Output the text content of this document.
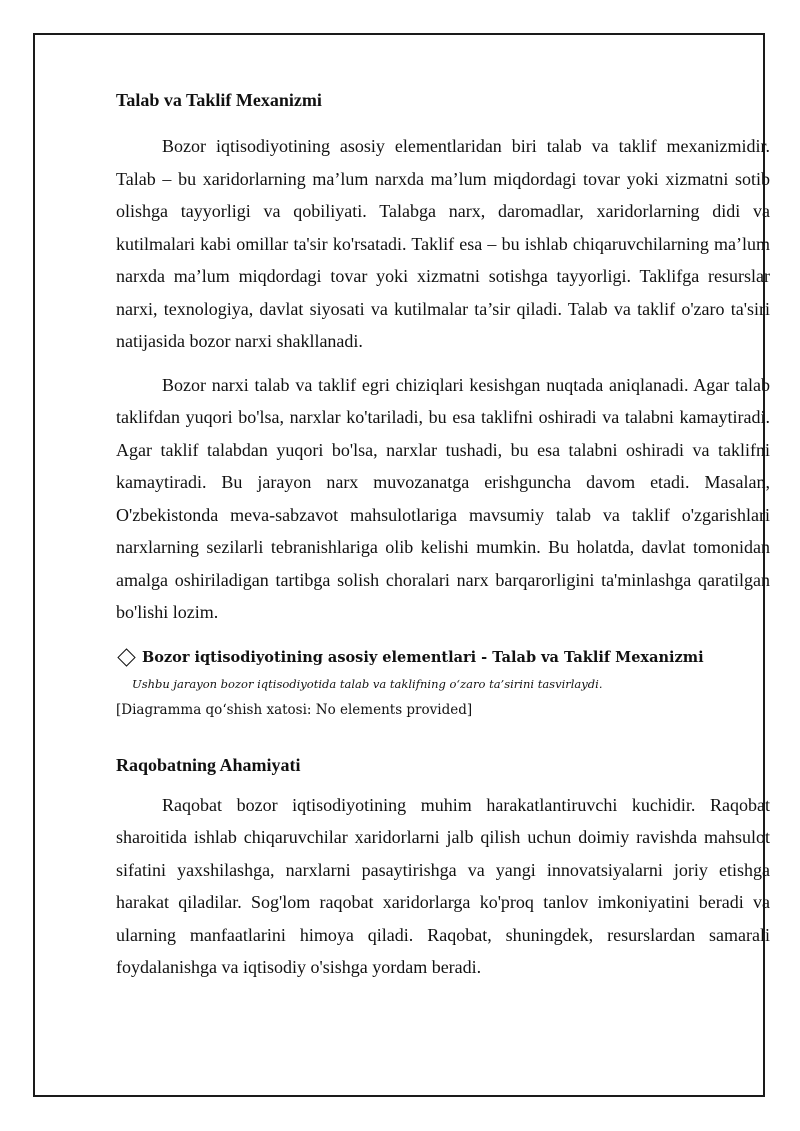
Talab va Taklif Mexanizmi

Bozor iqtisodiyotining asosiy elementlaridan biri talab va taklif mexanizmidir. Talab – bu xaridorlarning ma’lum narxda ma’lum miqdordagi tovar yoki xizmatni sotib olishga tayyorligi va qobiliyati. Talabga narx, daromadlar, xaridorlarning didi va kutilmalari kabi omillar ta'sir ko'rsatadi. Taklif esa – bu ishlab chiqaruvchilarning ma’lum narxda ma’lum miqdordagi tovar yoki xizmatni sotishga tayyorligi. Taklifga resurslar narxi, texnologiya, davlat siyosati va kutilmalar ta’sir qiladi. Talab va taklif o'zaro ta'siri natijasida bozor narxi shakllanadi.

Bozor narxi talab va taklif egri chiziqlari kesishgan nuqtada aniqlanadi. Agar talab taklifdan yuqori bo'lsa, narxlar ko'tariladi, bu esa taklifni oshiradi va talabni kamaytiradi. Agar taklif talabdan yuqori bo'lsa, narxlar tushadi, bu esa talabni oshiradi va taklifni kamaytiradi. Bu jarayon narx muvozanatga erishguncha davom etadi. Masalan, O'zbekistonda meva-sabzavot mahsulotlariga mavsumiy talab va taklif o'zgarishlari narxlarning sezilarli tebranishlariga olib kelishi mumkin. Bu holatda, davlat tomonidan amalga oshiriladigan tartibga solish choralari narx barqarorligini ta'minlashga qaratilgan bo'lishi lozim.

Bozor iqtisodiyotining asosiy elementlari - Talab va Taklif Mexanizmi
Ushbu jarayon bozor iqtisodiyotida talab va taklifning o‘zaro ta’sirini tasvirlaydi.
[Diagramma qo‘shish xatosi: No elements provided]
Raqobatning Ahamiyati

Raqobat bozor iqtisodiyotining muhim harakatlantiruvchi kuchidir. Raqobat sharoitida ishlab chiqaruvchilar xaridorlarni jalb qilish uchun doimiy ravishda mahsulot sifatini yaxshilashga, narxlarni pasaytirishga va yangi innovatsiyalarni joriy etishga harakat qiladilar. Sog'lom raqobat xaridorlarga ko'proq tanlov imkoniyatini beradi va ularning manfaatlarini himoya qiladi. Raqobat, shuningdek, resurslardan samarali foydalanishga va iqtisodiy o'sishga yordam beradi.
